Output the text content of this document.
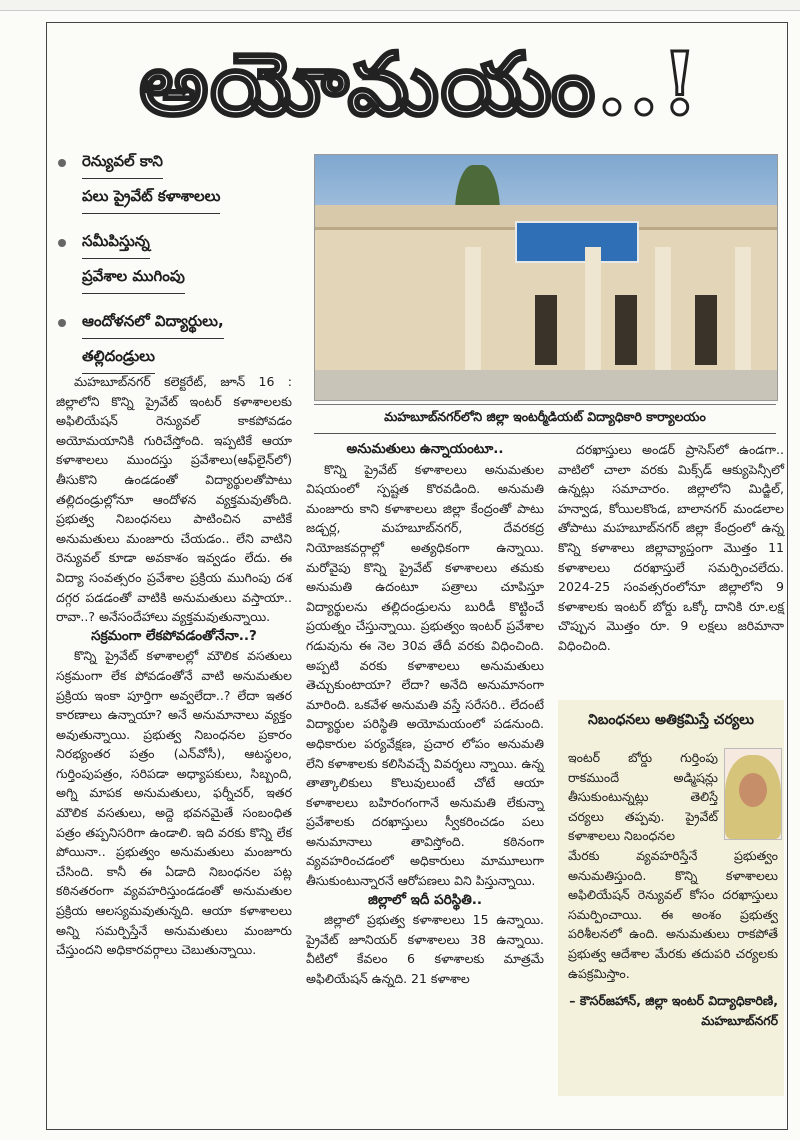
అయోమయం..!
రెన్యువల్ కాని
పలు ప్రైవేట్ కళాశాలలు
సమీపిస్తున్న
ప్రవేశాల ముగింపు
ఆందోళనలో విద్యార్థులు,
తల్లిదండ్రులు
మహబూబ్‌నగర్‌లోని జిల్లా ఇంటర్మీడియట్ విద్యాధికారి కార్యాలయం

మహబూబ్‌నగర్ కలెక్టరేట్, జూన్ 16 : జిల్లాలోని కొన్ని ప్రైవేట్ ఇంటర్ కళాశాలలకు అఫిలియేషన్ రెన్యువల్ కాకపోవడం అయోమయానికి గురిచేస్తోంది. ఇప్పటికే ఆయా కళాశాలలు ముందస్తు ప్రవేశాలు(ఆఫ్‌లైన్‌లో) తీసుకొని ఉండడంతో విద్యార్థులతోపాటు తల్లిదండ్రుల్లోనూ ఆందోళన వ్యక్తమవుతోంది. ప్రభుత్వ నిబంధనలు పాటించిన వాటికే అనుమతులు మంజూరు చేయడం.. లేని వాటిని రెన్యువల్ కూడా అవకాశం ఇవ్వడం లేదు. ఈ విద్యా సంవత్సరం ప్రవేశాల ప్రక్రియ ముగింపు దశ దగ్గర పడడంతో వాటికి అనుమతులు వస్తాయా.. రావా..? అనేసందేహాలు వ్యక్తమవుతున్నాయి.

సక్రమంగా లేకపోవడంతోనేనా..?

కొన్ని ప్రైవేట్ కళాశాలల్లో మౌలిక వసతులు సక్రమంగా లేక పోవడంతోనే వాటి అనుమతుల ప్రక్రియ ఇంకా పూర్తిగా అవ్వలేదా..? లేదా ఇతర కారణాలు ఉన్నాయా? అనే అనుమానాలు వ్యక్తం అవుతున్నాయి. ప్రభుత్వ నిబంధనల ప్రకారం నిరభ్యంతర పత్రం (ఎన్‌వోసీ), ఆటస్థలం, గుర్తింపుపత్రం, సరిపడా అధ్యాపకులు, సిబ్బంది, అగ్ని మాపక అనుమతులు, ఫర్నీచర్, ఇతర మౌలిక వసతులు, అద్దె భవనమైతే సంబంధిత పత్రం తప్పనిసరిగా ఉండాలి. ఇది వరకు కొన్ని లేక పోయినా.. ప్రభుత్వం అనుమతులు మంజూరు చేసింది. కానీ ఈ ఏడాది నిబంధనల పట్ల కఠినతరంగా వ్యవహరిస్తుండడంతో అనుమతుల ప్రక్రియ ఆలస్యమవుతున్నది. ఆయా కళాశాలలు అన్ని సమర్పిస్తేనే అనుమతులు మంజూరు చేస్తుందని అధికారవర్గాలు చెబుతున్నాయి.

అనుమతులు ఉన్నాయంటూ..

కొన్ని ప్రైవేట్ కళాశాలలు అనుమతుల విషయంలో స్పష్టత కొరవడింది. అనుమతి మంజూరు కాని కళాశాలలు జిల్లా కేంద్రంతో పాటు జడ్చర్ల, మహబూబ్‌నగర్, దేవరకద్ర నియోజకవర్గాల్లో అత్యధికంగా ఉన్నాయి. మరోవైపు కొన్ని ప్రైవేట్ కళాశాలలు తమకు అనుమతి ఉదంటూ పత్రాలు చూపిస్తూ విద్యార్థులను తల్లిదండ్రులను బురిడీ కొట్టించే ప్రయత్నం చేస్తున్నాయి. ప్రభుత్వం ఇంటర్ ప్రవేశాల గడువును ఈ నెల 30వ తేదీ వరకు విధించింది. అప్పటి వరకు కళాశాలలు అనుమతులు తెచ్చుకుంటాయా? లేదా? అనేది అనుమానంగా మారింది. ఒకవేళ అనుమతి వస్తే సరేసరి.. లేదంటే విద్యార్థుల పరిస్థితి అయోమయంలో పడనుంది. అధికారుల పర్యవేక్షణ, ప్రచార లోపం అనుమతి లేని కళాశాలకు కలిసివచ్చే వివర్శలు న్నాయి. ఉన్న తాత్కాలికులు కొలువులుంటే చోటే ఆయా కళాశాలలు బహిరంగంగానే అనుమతి లేకున్నా ప్రవేశాలకు దరఖాస్తులు స్వీకరించడం పలు అనుమానాలు తావిస్తోంది. కఠినంగా వ్యవహరించడంలో అధికారులు మామూలుగా తీసుకుంటున్నారనే ఆరోపణలు విని పిస్తున్నాయి.

జిల్లాలో ఇదీ పరిస్థితి..

జిల్లాలో ప్రభుత్వ కళాశాలలు 15 ఉన్నాయి. ప్రైవేట్ జూనియర్ కళాశాలలు 38 ఉన్నాయి. వీటిలో కేవలం 6 కళాశాలకు మాత్రమే అఫిలియేషన్ ఉన్నది. 21 కళాశాల

దరఖాస్తులు అండర్ ప్రాసెస్‌లో ఉండగా.. వాటిలో చాలా వరకు మిక్స్‌డ్ ఆక్యుపెన్సీలో ఉన్నట్లు సమాచారం. జిల్లాలోని మిడ్జిల్, హన్వాడ, కోయిలకొండ, బాలానగర్ మండలాల తోపాటు మహబూబ్‌నగర్ జిల్లా కేంద్రంలో ఉన్న కొన్ని కళాశాలు జిల్లావ్యాప్తంగా మొత్తం 11 కళాశాలలు దరఖాస్తులే సమర్పించలేదు. 2024-25 సంవత్సరంలోనూ జిల్లాలోని 9 కళాశాలకు ఇంటర్ బోర్డు ఒక్కో దానికి రూ.లక్ష చొప్పున మొత్తం రూ. 9 లక్షలు జరిమానా విధించింది.

నిబంధనలు అతిక్రమిస్తే చర్యలు
ఇంటర్ బోర్డు గుర్తింపు రాకముందే అడ్మిషన్లు తీసుకుంటున్నట్లు తెలిస్తే చర్యలు తప్పవు. ప్రైవేట్ కళాశాలలు నిబంధనల
మేరకు వ్యవహరిస్తేనే ప్రభుత్వం అనుమతిస్తుంది. కొన్ని కళాశాలలు అఫిలియేషన్ రెన్యువల్ కోసం దరఖాస్తులు సమర్పించాయి. ఈ అంశం ప్రభుత్వ పరిశీలనలో ఉంది. అనుమతులు రాకపోతే ప్రభుత్వ ఆదేశాల మేరకు తదుపరి చర్యలకు ఉపక్రమిస్తాం.
– కౌసర్‌జహాన్, జిల్లా ఇంటర్ విద్యాధికారిణి, మహబూబ్‌నగర్
